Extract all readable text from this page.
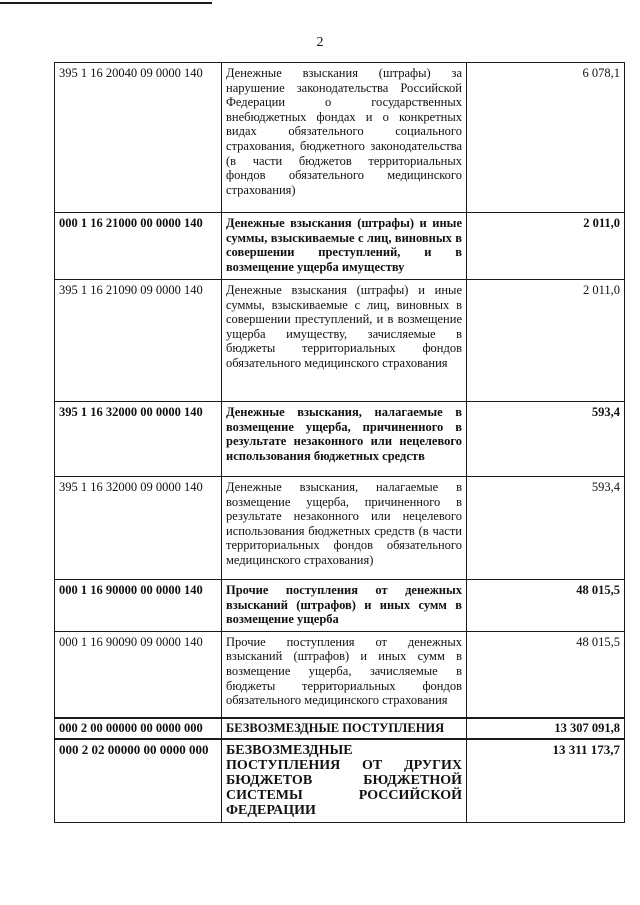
2
395 1 16 20040 09 0000 140	Денежные взыскания (штрафы) за нарушение законодательства Российской Федерации о государственных внебюджетных фондах и о конкретных видах обязательного социального страхования, бюджетного законодательства (в части бюджетов территориальных фондов обязательного медицинского страхования)	6 078,1
000 1 16 21000 00 0000 140	Денежные взыскания (штрафы) и иные суммы, взыскиваемые с лиц, виновных в совершении преступлений, и в возмещение ущерба имуществу	2 011,0
395 1 16 21090 09 0000 140	Денежные взыскания (штрафы) и иные суммы, взыскиваемые с лиц, виновных в совершении преступлений, и в возмещение ущерба имуществу, зачисляемые в бюджеты территориальных фондов обязательного медицинского страхования	2 011,0
395 1 16 32000 00 0000 140	Денежные взыскания, налагаемые в возмещение ущерба, причиненного в результате незаконного или нецелевого использования бюджетных средств	593,4
395 1 16 32000 09 0000 140	Денежные взыскания, налагаемые в возмещение ущерба, причиненного в результате незаконного или нецелевого использования бюджетных средств (в части территориальных фондов обязательного медицинского страхования)	593,4
000 1 16 90000 00 0000 140	Прочие поступления от денежных взысканий (штрафов) и иных сумм в возмещение ущерба	48 015,5
000 1 16 90090 09 0000 140	Прочие поступления от денежных взысканий (штрафов) и иных сумм в возмещение ущерба, зачисляемые в бюджеты территориальных фондов обязательного медицинского страхования	48 015,5
000 2 00 00000 00 0000 000	БЕЗВОЗМЕЗДНЫЕ ПОСТУПЛЕНИЯ	13 307 091,8
000 2 02 00000 00 0000 000	БЕЗВОЗМЕЗДНЫЕ ПОСТУПЛЕНИЯ ОТ ДРУГИХ БЮДЖЕТОВ БЮДЖЕТНОЙ СИСТЕМЫ РОССИЙСКОЙ ФЕДЕРАЦИИ	13 311 173,7
